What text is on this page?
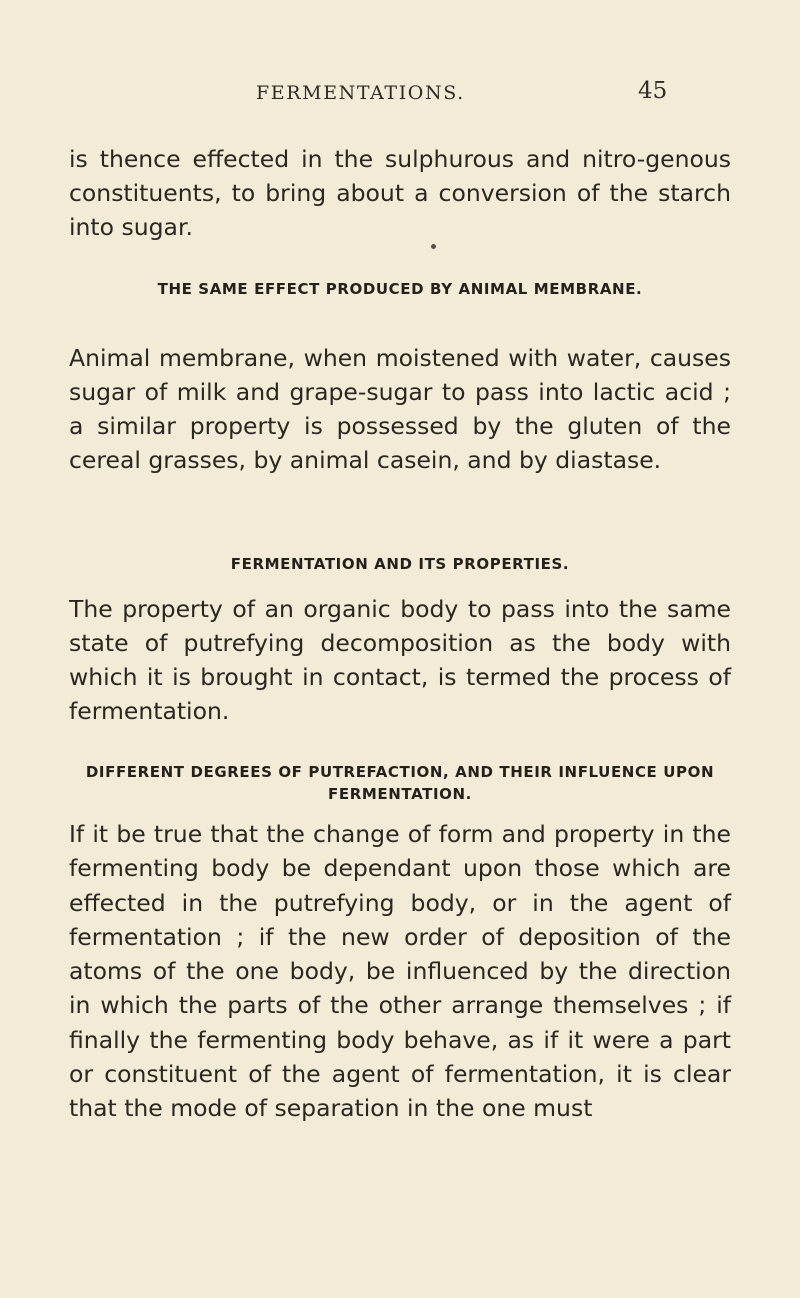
FERMENTATIONS.	45

is thence effected in the sulphurous and nitro-genous constituents, to bring about a conversion of the starch into sugar.

THE SAME EFFECT PRODUCED BY ANIMAL MEMBRANE.

Animal membrane, when moistened with water, causes sugar of milk and grape-sugar to pass into lactic acid ; a similar property is possessed by the gluten of the cereal grasses, by animal casein, and by diastase.

FERMENTATION AND ITS PROPERTIES.

The property of an organic body to pass into the same state of putrefying decomposition as the body with which it is brought in contact, is termed the process of fermentation.

DIFFERENT DEGREES OF PUTREFACTION, AND THEIR INFLUENCE UPON FERMENTATION.

If it be true that the change of form and property in the fermenting body be dependant upon those which are effected in the putrefying body, or in the agent of fermentation ; if the new order of deposition of the atoms of the one body, be influenced by the direction in which the parts of the other arrange themselves ; if finally the fermenting body behave, as if it were a part or constituent of the agent of fermentation, it is clear that the mode of separation in the one must
